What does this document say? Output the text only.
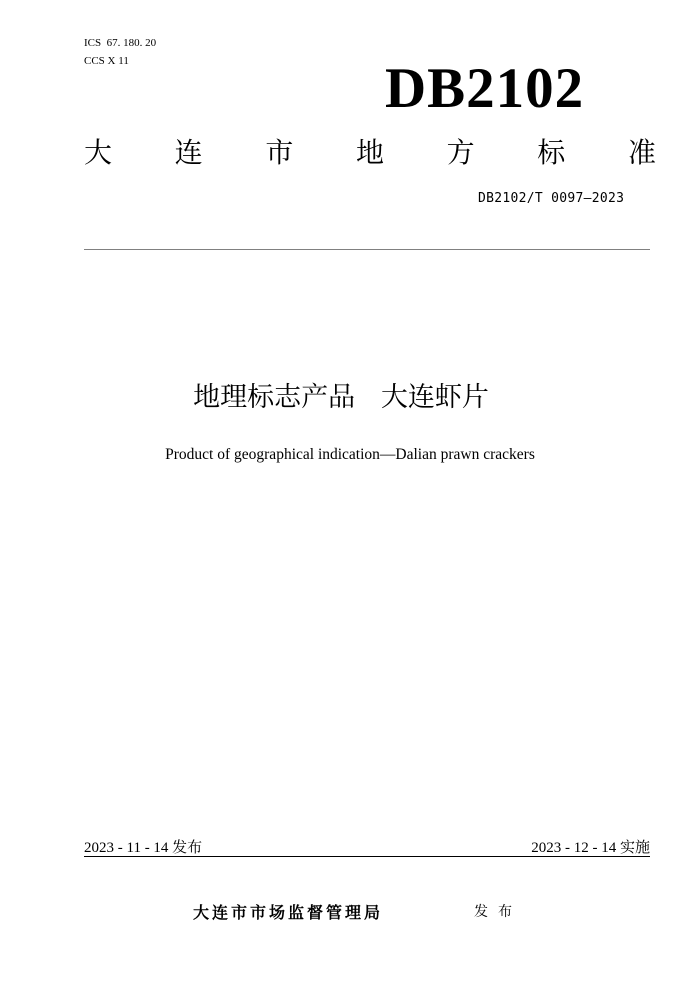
ICS  67. 180. 20
CCS X 11	DB2102
大 连 市 地 方 标 准
DB2102/T 0097—2023
地理标志产品   大连虾片
Product of geographical indication—Dalian prawn crackers
2023 - 11 - 14 发布	2023 - 12 - 14 实施
大连市市场监督管理局	发布
